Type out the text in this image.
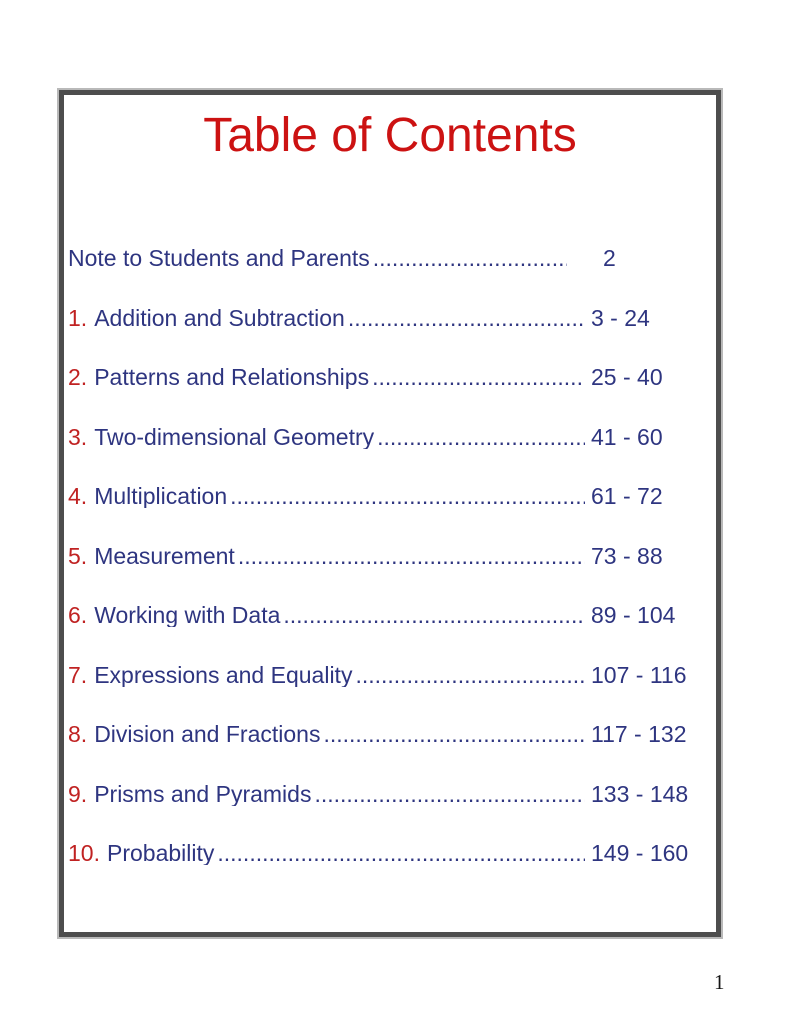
Table of Contents
Note to Students and Parents .....	2
1. Addition and Subtraction .....	3 - 24
2. Patterns and Relationships .....	25 - 40
3. Two-dimensional Geometry .....	41 - 60
4. Multiplication .....	61 - 72
5. Measurement .....	73 - 88
6. Working with Data .....	89 - 104
7. Expressions and Equality .....	107 - 116
8. Division and Fractions .....	117 - 132
9. Prisms and Pyramids .....	133 - 148
10. Probability .....	149 - 160
1
